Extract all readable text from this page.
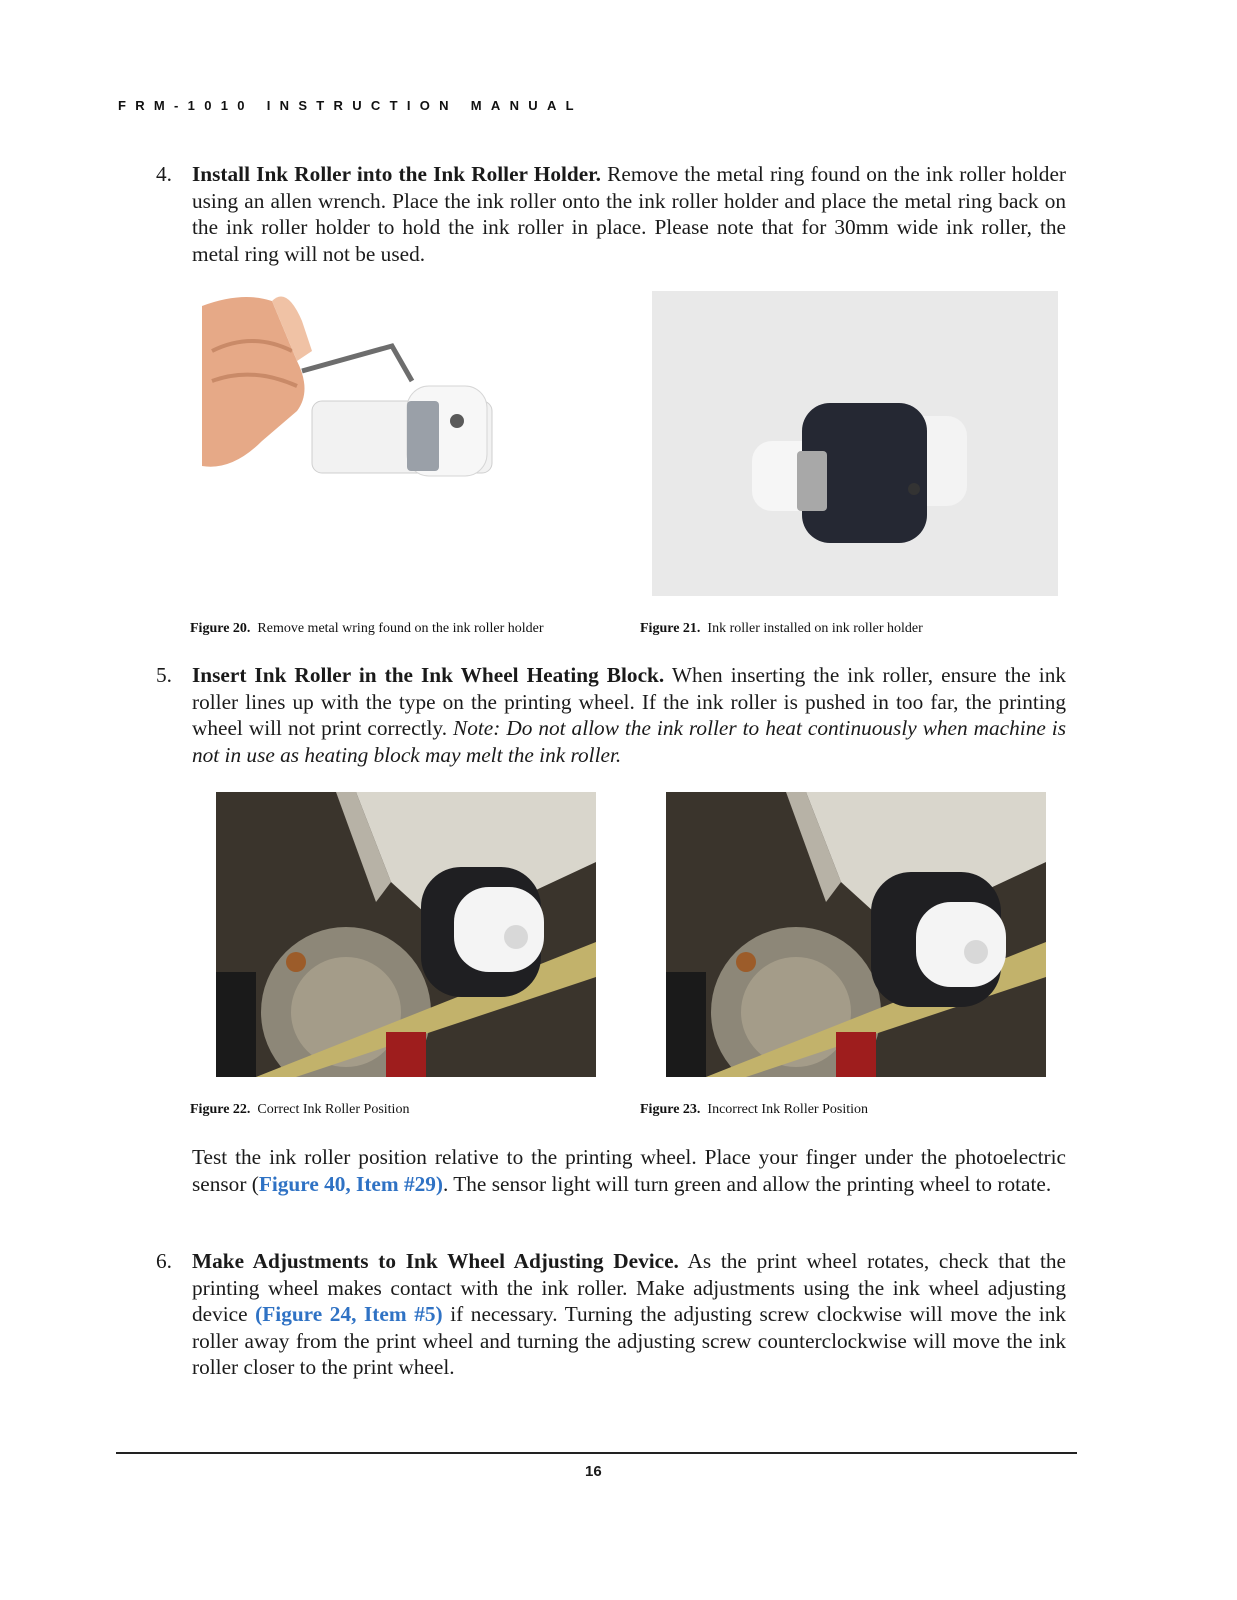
FRM-1010 INSTRUCTION MANUAL
4. Install Ink Roller into the Ink Roller Holder. Remove the metal ring found on the ink roller holder using an allen wrench. Place the ink roller onto the ink roller holder and place the metal ring back on the ink roller holder to hold the ink roller in place. Please note that for 30mm wide ink roller, the metal ring will not be used.
Figure 20. Remove metal wring found on the ink roller holder	Figure 21. Ink roller installed on ink roller holder
5. Insert Ink Roller in the Ink Wheel Heating Block. When inserting the ink roller, ensure the ink roller lines up with the type on the printing wheel. If the ink roller is pushed in too far, the printing wheel will not print correctly. Note: Do not allow the ink roller to heat continuously when machine is not in use as heating block may melt the ink roller.
Figure 22. Correct Ink Roller Position	Figure 23. Incorrect Ink Roller Position
Test the ink roller position relative to the printing wheel. Place your finger under the photoelectric sensor (Figure 40, Item #29). The sensor light will turn green and allow the printing wheel to rotate.
6. Make Adjustments to Ink Wheel Adjusting Device. As the print wheel rotates, check that the printing wheel makes contact with the ink roller. Make adjustments using the ink wheel adjusting device (Figure 24, Item #5) if necessary. Turning the adjusting screw clockwise will move the ink roller away from the print wheel and turning the adjusting screw counterclockwise will move the ink roller closer to the print wheel.
16
